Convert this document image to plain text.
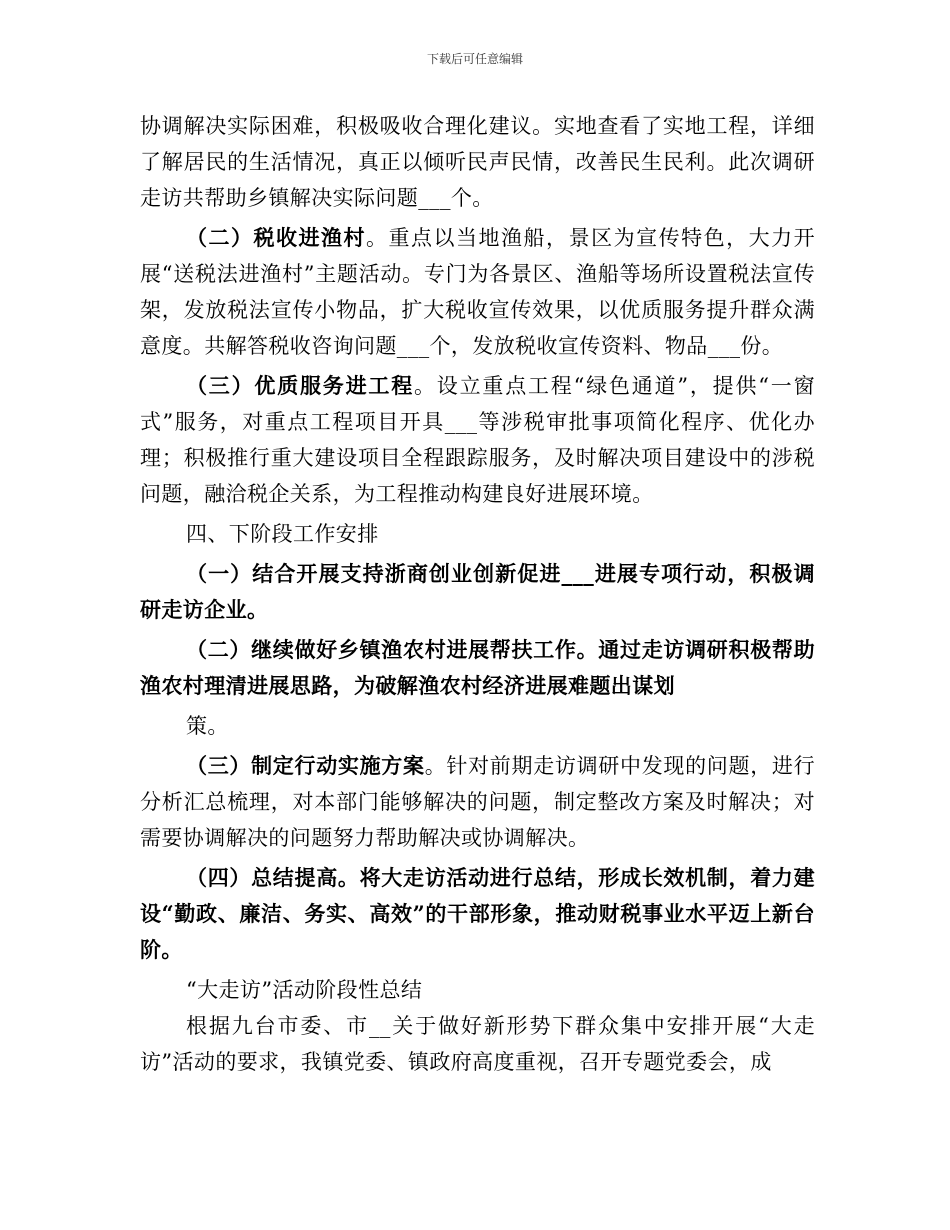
下载后可任意编辑

协调解决实际困难，积极吸收合理化建议。实地查看了实地工程，详细了解居民的生活情况，真正以倾听民声民情，改善民生民利。此次调研走访共帮助乡镇解决实际问题___个。

（二）税收进渔村。重点以当地渔船，景区为宣传特色，大力开展“送税法进渔村”主题活动。专门为各景区、渔船等场所设置税法宣传架，发放税法宣传小物品，扩大税收宣传效果，以优质服务提升群众满意度。共解答税收咨询问题___个，发放税收宣传资料、物品___份。

（三）优质服务进工程。设立重点工程“绿色通道”，提供“一窗式”服务，对重点工程项目开具___等涉税审批事项简化程序、优化办理；积极推行重大建设项目全程跟踪服务，及时解决项目建设中的涉税问题，融洽税企关系，为工程推动构建良好进展环境。

四、下阶段工作安排

（一）结合开展支持浙商创业创新促进___进展专项行动，积极调研走访企业。

（二）继续做好乡镇渔农村进展帮扶工作。通过走访调研积极帮助渔农村理清进展思路，为破解渔农村经济进展难题出谋划

策。

（三）制定行动实施方案。针对前期走访调研中发现的问题，进行分析汇总梳理，对本部门能够解决的问题，制定整改方案及时解决；对需要协调解决的问题努力帮助解决或协调解决。

（四）总结提高。将大走访活动进行总结，形成长效机制，着力建设“勤政、廉洁、务实、高效”的干部形象，推动财税事业水平迈上新台阶。

“大走访”活动阶段性总结

根据九台市委、市__关于做好新形势下群众集中安排开展“大走访”活动的要求，我镇党委、镇政府高度重视，召开专题党委会，成
